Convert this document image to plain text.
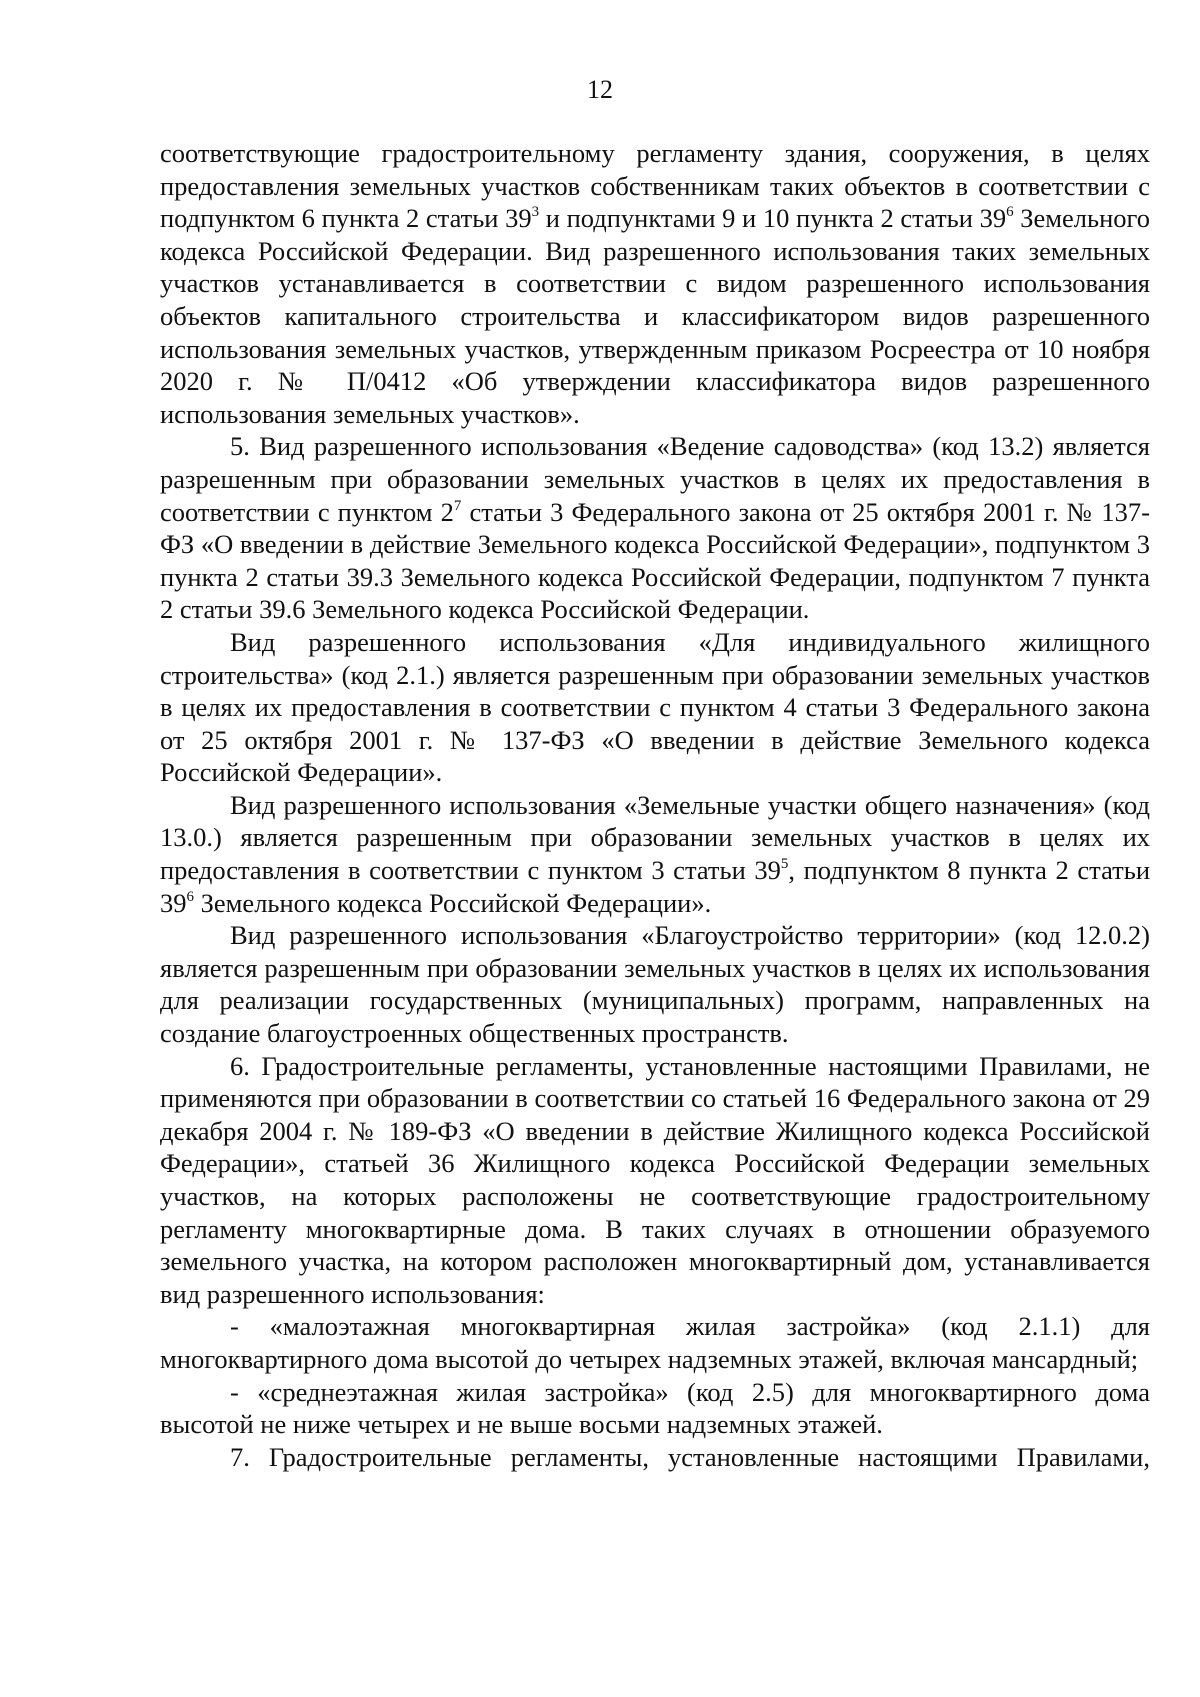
12

соответствующие градостроительному регламенту здания, сооружения, в целях предоставления земельных участков собственникам таких объектов в соответствии с подпунктом 6 пункта 2 статьи $39^3$ и подпунктами 9 и 10 пункта 2 статьи $39^6$ Земельного кодекса Российской Федерации. Вид разрешенного использования таких земельных участков устанавливается в соответствии с видом разрешенного использования объектов капитального строительства и классификатором видов разрешенного использования земельных участков, утвержденным приказом Росреестра от 10 ноября 2020 г. № П/0412 «Об утверждении классификатора видов разрешенного использования земельных участков».

5. Вид разрешенного использования «Ведение садоводства» (код 13.2) является разрешенным при образовании земельных участков в целях их предоставления в соответствии с пунктом $2^7$ статьи 3 Федерального закона от 25 октября 2001 г. № 137-ФЗ «О введении в действие Земельного кодекса Российской Федерации», подпунктом 3 пункта 2 статьи 39.3 Земельного кодекса Российской Федерации, подпунктом 7 пункта 2 статьи 39.6 Земельного кодекса Российской Федерации.

Вид разрешенного использования «Для индивидуального жилищного строительства» (код 2.1.) является разрешенным при образовании земельных участков в целях их предоставления в соответствии с пунктом 4 статьи 3 Федерального закона от 25 октября 2001 г. № 137-ФЗ «О введении в действие Земельного кодекса Российской Федерации».

Вид разрешенного использования «Земельные участки общего назначения» (код 13.0.) является разрешенным при образовании земельных участков в целях их предоставления в соответствии с пунктом 3 статьи $39^5$, подпунктом 8 пункта 2 статьи $39^6$ Земельного кодекса Российской Федерации».

Вид разрешенного использования «Благоустройство территории» (код 12.0.2) является разрешенным при образовании земельных участков в целях их использования для реализации государственных (муниципальных) программ, направленных на создание благоустроенных общественных пространств.

6. Градостроительные регламенты, установленные настоящими Правилами, не применяются при образовании в соответствии со статьей 16 Федерального закона от 29 декабря 2004 г. № 189-ФЗ «О введении в действие Жилищного кодекса Российской Федерации», статьей 36 Жилищного кодекса Российской Федерации земельных участков, на которых расположены не соответствующие градостроительному регламенту многоквартирные дома. В таких случаях в отношении образуемого земельного участка, на котором расположен многоквартирный дом, устанавливается вид разрешенного использования:

- «малоэтажная многоквартирная жилая застройка» (код 2.1.1) для многоквартирного дома высотой до четырех надземных этажей, включая мансардный;

- «среднеэтажная жилая застройка» (код 2.5) для многоквартирного дома высотой не ниже четырех и не выше восьми надземных этажей.

7. Градостроительные регламенты, установленные настоящими Правилами,
